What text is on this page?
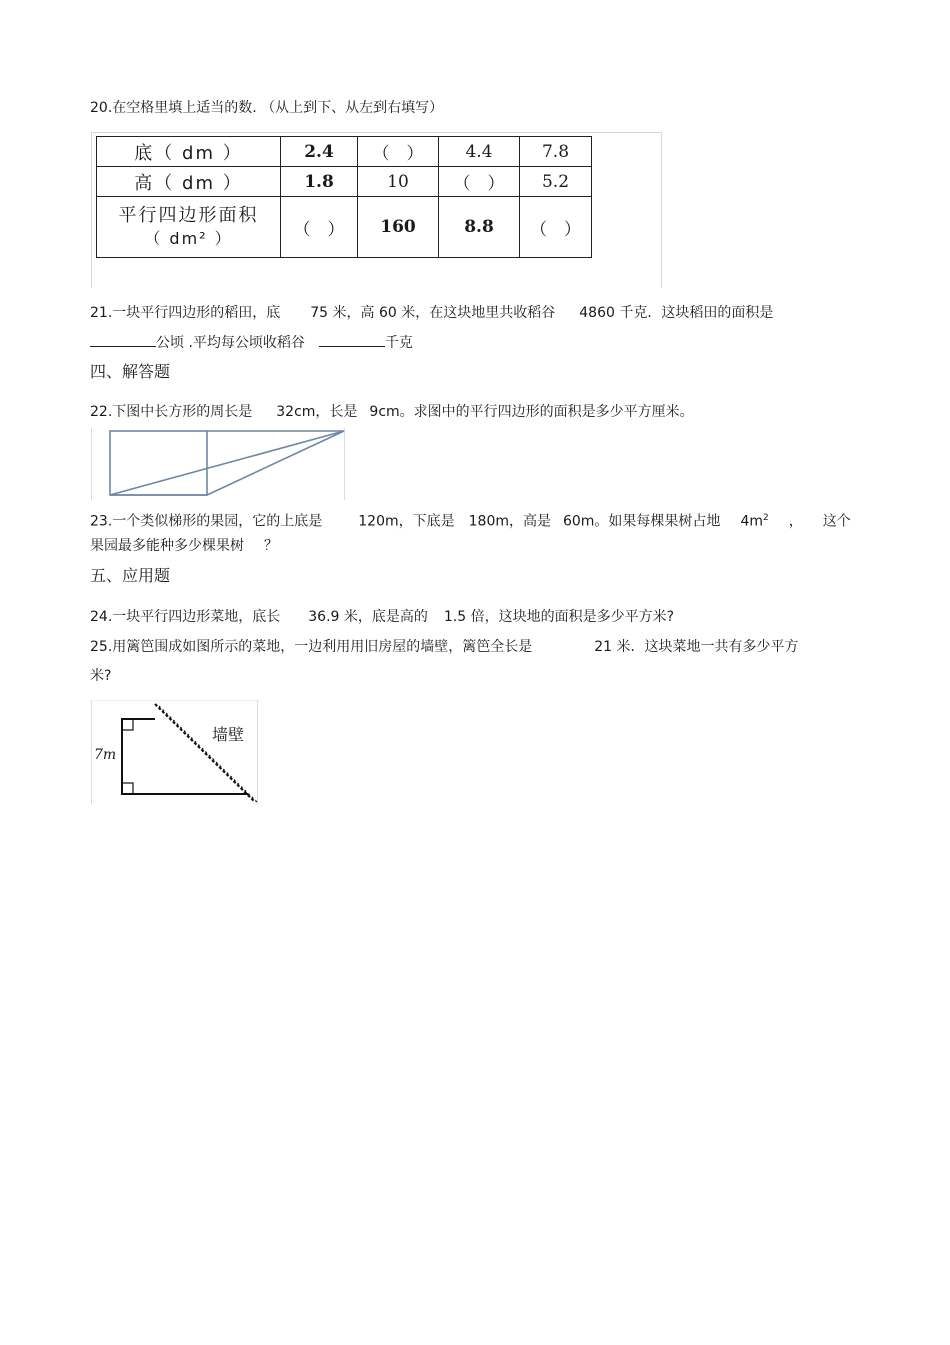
20.在空格里填上适当的数. （从上到下、从左到右填写）
底（ dm ）	2.4	（　）	4.4	7.8
高（ dm ）	1.8	10	（　）	5.2

平行四边形面积
（ dm² ）	（　）	160	8.8	（　）
21.一块平行四边形的稻田，底 75 米，高 60 米，在这块地里共收稻谷 4860 千克．这块稻田的面积是
公顷 .平均每公顷收稻谷	千克
四、解答题
22.下图中长方形的周长是 32cm，长是 9cm。求图中的平行四边形的面积是多少平方厘米。
23.一个类似梯形的果园，它的上底是	120m，下底是 180m，高是 60m。如果每棵果树占地 $4m^2$ ， 这个
果园最多能种多少棵果树 ？
五、应用题
24.一块平行四边形菜地，底长 36.9 米，底是高的 1.5 倍，这块地的面积是多少平方米?
25.用篱笆围成如图所示的菜地，一边利用用旧房屋的墙壁，篱笆全长是	21 米．这块菜地一共有多少平方
米?
7m
墙壁
